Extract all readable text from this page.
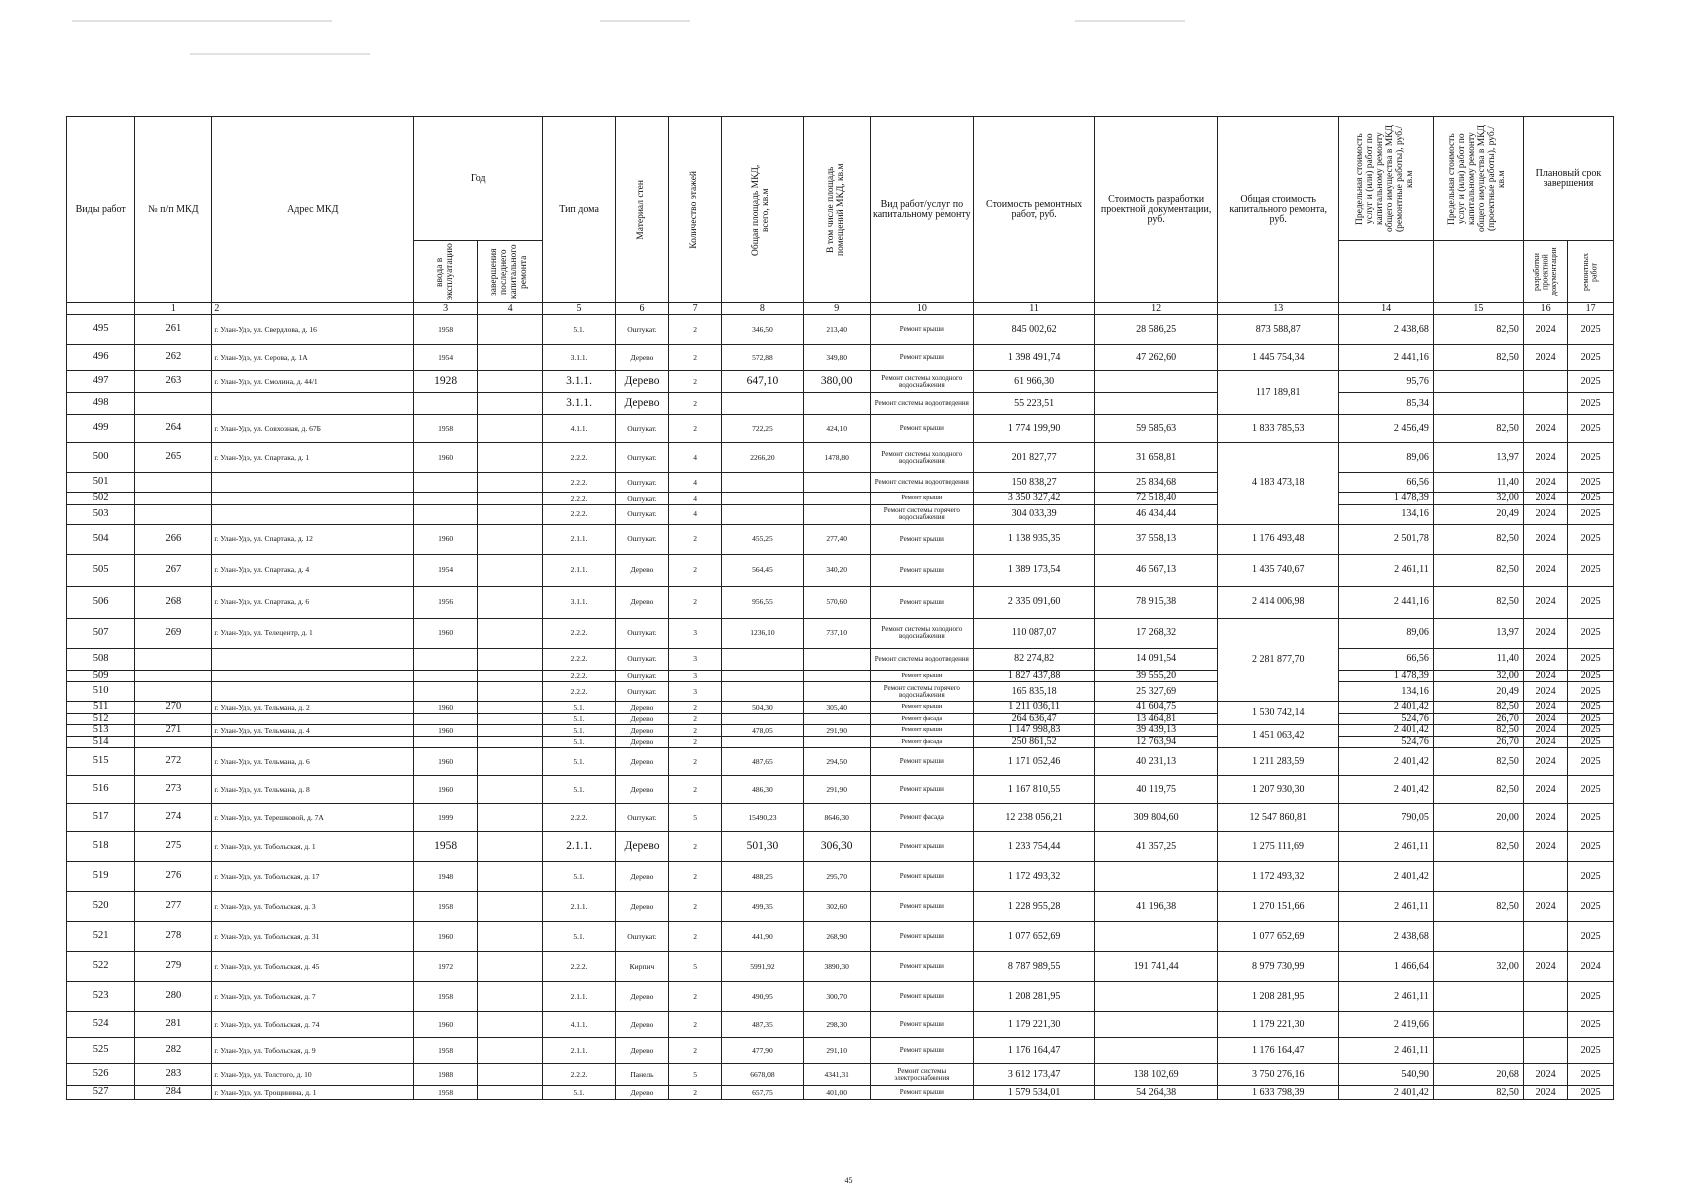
Виды работ	№ п/п МКД	Адрес МКД	Год		Тип дома	Материал стен	Количество этажей	Общая площадь МКД, всего, кв.м	В том числе площадь помещений МКД, кв.м	Вид работ/услуг по капитальному ремонту	Стоимость ремонтных работ, руб.	Стоимость разработки проектной документации, руб.	Общая стоимость капитального ремонта, руб.	Предельная стоимость услуг и (или) работ по капитальному ремонту общего имущества в МКД (ремонтные работы), руб./кв.м	Предельная стоимость услуг и (или) работ по капитальному ремонту общего имущества в МКД (проектные работы), руб./кв.м	Плановый срок завершения	

			ввода в эксплуатацию	завершения последнего капитального ремонта												разработки проектной документации	ремонтных работ

	1	2	3	4	5	6	7	8	9	10	11	12	13	14	15	16	17
495	261	г. Улан-Удэ, ул. Свердлова, д. 16	1958		5.1.	Оштукат.	2	346,50	213,40	Ремонт крыши	845 002,62	28 586,25	873 588,87	2 438,68	82,50	2024	2025
496	262	г. Улан-Удэ, ул. Серова, д. 1А	1954		3.1.1.	Дерево	2	572,88	349,80	Ремонт крыши	1 398 491,74	47 262,60	1 445 754,34	2 441,16	82,50	2024	2025
497	263	г. Улан-Удэ, ул. Смолина, д. 44/1	1928		3.1.1.	Дерево	2	647,10	380,00	Ремонт системы холодного водоснабжения	61 966,30		117 189,81	95,76			2025
498					3.1.1.	Дерево	2			Ремонт системы водоотведения	55 223,51			85,34			2025
499	264	г. Улан-Удэ, ул. Совхозная, д. 67Б	1958		4.1.1.	Оштукат.	2	722,25	424,10	Ремонт крыши	1 774 199,90	59 585,63	1 833 785,53	2 456,49	82,50	2024	2025
500	265	г. Улан-Удэ, ул. Спартака, д. 1	1960		2.2.2.	Оштукат.	4	2266,20	1478,80	Ремонт системы холодного водоснабжения	201 827,77	31 658,81	4 183 473,18	89,06	13,97	2024	2025
501					2.2.2.	Оштукат.	4			Ремонт системы водоотведения	150 838,27	25 834,68		66,56	11,40	2024	2025
502					2.2.2.	Оштукат.	4			Ремонт крыши	3 350 327,42	72 518,40		1 478,39	32,00	2024	2025
503					2.2.2.	Оштукат.	4			Ремонт системы горячего водоснабжения	304 033,39	46 434,44		134,16	20,49	2024	2025
504	266	г. Улан-Удэ, ул. Спартака, д. 12	1960		2.1.1.	Оштукат.	2	455,25	277,40	Ремонт крыши	1 138 935,35	37 558,13	1 176 493,48	2 501,78	82,50	2024	2025
505	267	г. Улан-Удэ, ул. Спартака, д. 4	1954		2.1.1.	Дерево	2	564,45	340,20	Ремонт крыши	1 389 173,54	46 567,13	1 435 740,67	2 461,11	82,50	2024	2025
506	268	г. Улан-Удэ, ул. Спартака, д. 6	1956		3.1.1.	Дерево	2	956,55	570,60	Ремонт крыши	2 335 091,60	78 915,38	2 414 006,98	2 441,16	82,50	2024	2025
507	269	г. Улан-Удэ, ул. Телецентр, д. 1	1960		2.2.2.	Оштукат.	3	1236,10	737,10	Ремонт системы холодного водоснабжения	110 087,07	17 268,32	2 281 877,70	89,06	13,97	2024	2025
508					2.2.2.	Оштукат.	3			Ремонт системы водоотведения	82 274,82	14 091,54		66,56	11,40	2024	2025
509					2.2.2.	Оштукат.	3			Ремонт крыши	1 827 437,88	39 555,20		1 478,39	32,00	2024	2025
510					2.2.2.	Оштукат.	3			Ремонт системы горячего водоснабжения	165 835,18	25 327,69		134,16	20,49	2024	2025
511	270	г. Улан-Удэ, ул. Тельмана, д. 2	1960		5.1.	Дерево	2	504,30	305,40	Ремонт крыши	1 211 036,11	41 604,75	1 530 742,14	2 401,42	82,50	2024	2025
512					5.1.	Дерево	2			Ремонт фасада	264 636,47	13 464,81		524,76	26,70	2024	2025
513	271	г. Улан-Удэ, ул. Тельмана, д. 4	1960		5.1.	Дерево	2	478,05	291,90	Ремонт крыши	1 147 998,83	39 439,13	1 451 063,42	2 401,42	82,50	2024	2025
514					5.1.	Дерево	2			Ремонт фасада	250 861,52	12 763,94		524,76	26,70	2024	2025
515	272	г. Улан-Удэ, ул. Тельмана, д. 6	1960		5.1.	Дерево	2	487,65	294,50	Ремонт крыши	1 171 052,46	40 231,13	1 211 283,59	2 401,42	82,50	2024	2025
516	273	г. Улан-Удэ, ул. Тельмана, д. 8	1960		5.1.	Дерево	2	486,30	291,90	Ремонт крыши	1 167 810,55	40 119,75	1 207 930,30	2 401,42	82,50	2024	2025
517	274	г. Улан-Удэ, ул. Терешковой, д. 7А	1999		2.2.2.	Оштукат.	5	15490,23	8646,30	Ремонт фасада	12 238 056,21	309 804,60	12 547 860,81	790,05	20,00	2024	2025
518	275	г. Улан-Удэ, ул. Тобольская, д. 1	1958		2.1.1.	Дерево	2	501,30	306,30	Ремонт крыши	1 233 754,44	41 357,25	1 275 111,69	2 461,11	82,50	2024	2025
519	276	г. Улан-Удэ, ул. Тобольская, д. 17	1948		5.1.	Дерево	2	488,25	295,70	Ремонт крыши	1 172 493,32		1 172 493,32	2 401,42			2025
520	277	г. Улан-Удэ, ул. Тобольская, д. 3	1958		2.1.1.	Дерево	2	499,35	302,60	Ремонт крыши	1 228 955,28	41 196,38	1 270 151,66	2 461,11	82,50	2024	2025
521	278	г. Улан-Удэ, ул. Тобольская, д. 31	1960		5.1.	Оштукат.	2	441,90	268,90	Ремонт крыши	1 077 652,69		1 077 652,69	2 438,68			2025
522	279	г. Улан-Удэ, ул. Тобольская, д. 45	1972		2.2.2.	Кирпич	5	5991,92	3890,30	Ремонт крыши	8 787 989,55	191 741,44	8 979 730,99	1 466,64	32,00	2024	2024
523	280	г. Улан-Удэ, ул. Тобольская, д. 7	1958		2.1.1.	Дерево	2	490,95	300,70	Ремонт крыши	1 208 281,95		1 208 281,95	2 461,11			2025
524	281	г. Улан-Удэ, ул. Тобольская, д. 74	1960		4.1.1.	Дерево	2	487,35	298,30	Ремонт крыши	1 179 221,30		1 179 221,30	2 419,66			2025
525	282	г. Улан-Удэ, ул. Тобольская, д. 9	1958		2.1.1.	Дерево	2	477,90	291,10	Ремонт крыши	1 176 164,47		1 176 164,47	2 461,11			2025
526	283	г. Улан-Удэ, ул. Толстого, д. 10	1988		2.2.2.	Панель	5	6678,08	4341,31	Ремонт системы электроснабжения	3 612 173,47	138 102,69	3 750 276,16	540,90	20,68	2024	2025
527	284	г. Улан-Удэ, ул. Трощинина, д. 1	1958		5.1.	Дерево	2	657,75	401,00	Ремонт крыши	1 579 534,01	54 264,38	1 633 798,39	2 401,42	82,50	2024	2025
45
